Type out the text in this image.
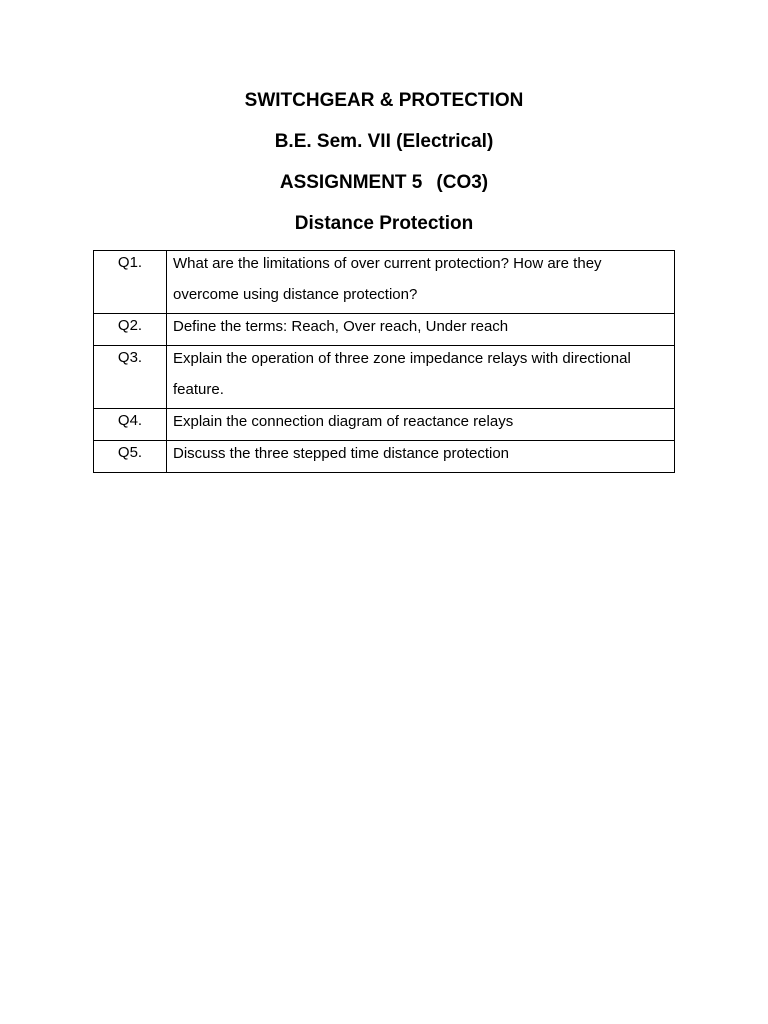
SWITCHGEAR & PROTECTION
B.E. Sem. VII (Electrical)
ASSIGNMENT 5 (CO3)
Distance Protection
Q1.	What are the limitations of over current protection? How are they overcome using distance protection?

Q2.	Define the terms: Reach, Over reach, Under reach

Q3.	Explain the operation of three zone impedance relays with directional feature.

Q4.	Explain the connection diagram of reactance relays

Q5.	Discuss the three stepped time distance protection
